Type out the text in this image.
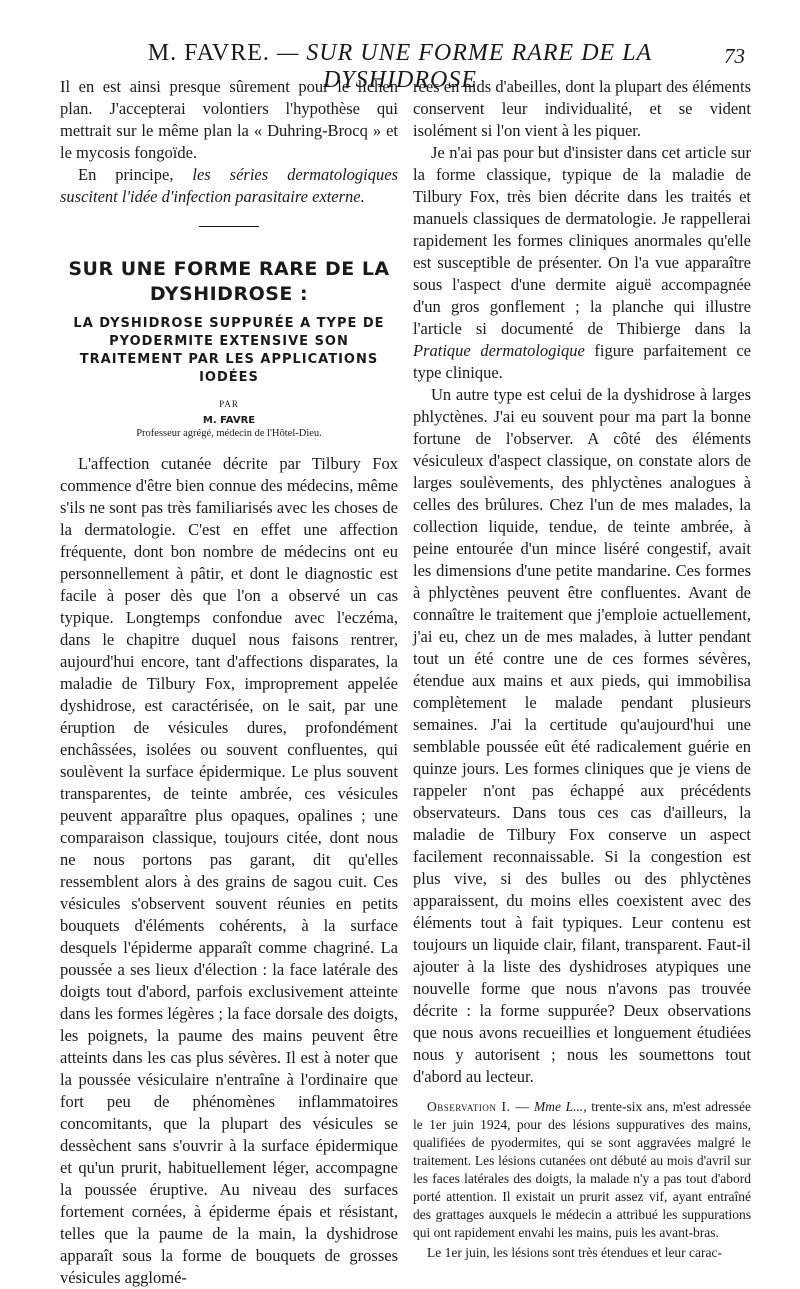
M. FAVRE. — SUR UNE FORME RARE DE LA DYSHIDROSE
73

Il en est ainsi presque sûrement pour le lichen plan. J'accepterai volontiers l'hypothèse qui mettrait sur le même plan la « Duhring-Brocq » et le mycosis fongoïde.

En principe, les séries dermatologiques suscitent l'idée d'infection parasitaire externe.

SUR UNE FORME RARE DE LA DYSHIDROSE :
LA DYSHIDROSE SUPPURÉE A TYPE DE PYODERMITE EXTENSIVE SON TRAITEMENT PAR LES APPLICATIONS IODÉES
PAR
M. FAVRE
Professeur agrégé, médecin de l'Hôtel-Dieu.

L'affection cutanée décrite par Tilbury Fox commence d'être bien connue des médecins, même s'ils ne sont pas très familiarisés avec les choses de la dermatologie. C'est en effet une affection fréquente, dont bon nombre de médecins ont eu personnellement à pâtir, et dont le diagnostic est facile à poser dès que l'on a observé un cas typique. Longtemps confondue avec l'eczéma, dans le chapitre duquel nous faisons rentrer, aujourd'hui encore, tant d'affections disparates, la maladie de Tilbury Fox, improprement appelée dyshidrose, est caractérisée, on le sait, par une éruption de vésicules dures, profondément enchâssées, isolées ou souvent confluentes, qui soulèvent la surface épidermique. Le plus souvent transparentes, de teinte ambrée, ces vésicules peuvent apparaître plus opaques, opalines ; une comparaison classique, toujours citée, dont nous ne nous portons pas garant, dit qu'elles ressemblent alors à des grains de sagou cuit. Ces vésicules s'observent souvent réunies en petits bouquets d'éléments cohérents, à la surface desquels l'épiderme apparaît comme chagriné. La poussée a ses lieux d'élection : la face latérale des doigts tout d'abord, parfois exclusivement atteinte dans les formes légères ; la face dorsale des doigts, les poignets, la paume des mains peuvent être atteints dans les cas plus sévères. Il est à noter que la poussée vésiculaire n'entraîne à l'ordinaire que fort peu de phénomènes inflammatoires concomitants, que la plupart des vésicules se dessèchent sans s'ouvrir à la surface épidermique et qu'un prurit, habituellement léger, accompagne la poussée éruptive. Au niveau des surfaces fortement cornées, à épiderme épais et résistant, telles que la paume de la main, la dyshidrose apparaît sous la forme de bouquets de grosses vésicules agglomé-

rées en nids d'abeilles, dont la plupart des éléments conservent leur individualité, et se vident isolément si l'on vient à les piquer.

Je n'ai pas pour but d'insister dans cet article sur la forme classique, typique de la maladie de Tilbury Fox, très bien décrite dans les traités et manuels classiques de dermatologie. Je rappellerai rapidement les formes cliniques anormales qu'elle est susceptible de présenter. On l'a vue apparaître sous l'aspect d'une dermite aiguë accompagnée d'un gros gonflement ; la planche qui illustre l'article si documenté de Thibierge dans la Pratique dermatologique figure parfaitement ce type clinique.

Un autre type est celui de la dyshidrose à larges phlyctènes. J'ai eu souvent pour ma part la bonne fortune de l'observer. A côté des éléments vésiculeux d'aspect classique, on constate alors de larges soulèvements, des phlyctènes analogues à celles des brûlures. Chez l'un de mes malades, la collection liquide, tendue, de teinte ambrée, à peine entourée d'un mince liséré congestif, avait les dimensions d'une petite mandarine. Ces formes à phlyctènes peuvent être confluentes. Avant de connaître le traitement que j'emploie actuellement, j'ai eu, chez un de mes malades, à lutter pendant tout un été contre une de ces formes sévères, étendue aux mains et aux pieds, qui immobilisa complètement le malade pendant plusieurs semaines. J'ai la certitude qu'aujourd'hui une semblable poussée eût été radicalement guérie en quinze jours. Les formes cliniques que je viens de rappeler n'ont pas échappé aux précédents observateurs. Dans tous ces cas d'ailleurs, la maladie de Tilbury Fox conserve un aspect facilement reconnaissable. Si la congestion est plus vive, si des bulles ou des phlyctènes apparaissent, du moins elles coexistent avec des éléments tout à fait typiques. Leur contenu est toujours un liquide clair, filant, transparent. Faut-il ajouter à la liste des dyshidroses atypiques une nouvelle forme que nous n'avons pas trouvée décrite : la forme suppurée? Deux observations que nous avons recueillies et longuement étudiées nous y autorisent ; nous les soumettons tout d'abord au lecteur.

Observation I. — Mme L..., trente-six ans, m'est adressée le 1er juin 1924, pour des lésions suppuratives des mains, qualifiées de pyodermites, qui se sont aggravées malgré le traitement. Les lésions cutanées ont débuté au mois d'avril sur les faces latérales des doigts, la malade n'y a pas tout d'abord porté attention. Il existait un prurit assez vif, ayant entraîné des grattages auxquels le médecin a attribué les suppurations qui ont rapidement envahi les mains, puis les avant-bras.

Le 1er juin, les lésions sont très étendues et leur carac-
